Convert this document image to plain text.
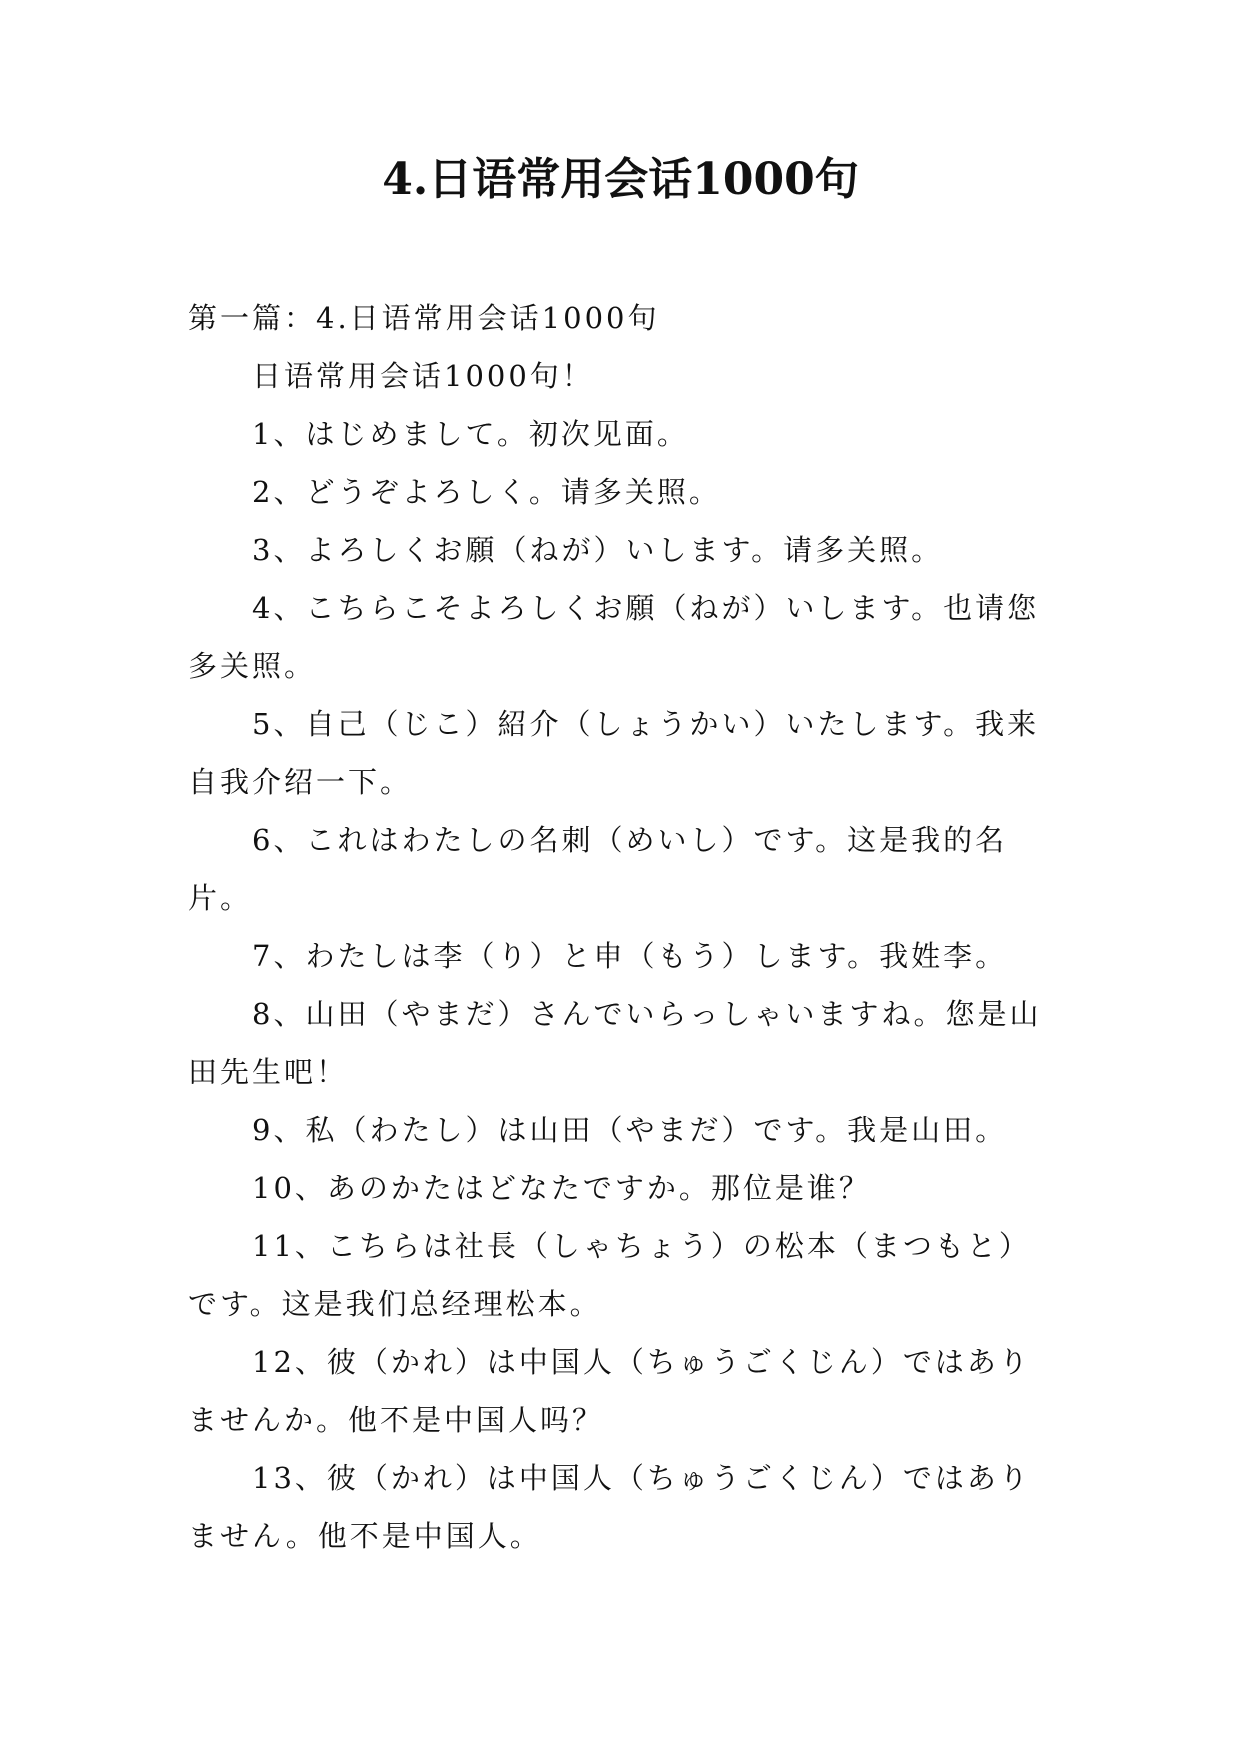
4.日语常用会话1000句

第一篇：4.日语常用会话1000句

日语常用会话1000句！

1、はじめまして。初次见面。

2、どうぞよろしく。请多关照。

3、よろしくお願（ねが）いします。请多关照。

4、こちらこそよろしくお願（ねが）いします。也请您多关照。

5、自己（じこ）紹介（しょうかい）いたします。我来自我介绍一下。

6、これはわたしの名刺（めいし）です。这是我的名片。

7、わたしは李（り）と申（もう）します。我姓李。

8、山田（やまだ）さんでいらっしゃいますね。您是山田先生吧！

9、私（わたし）は山田（やまだ）です。我是山田。

10、あのかたはどなたですか。那位是谁？

11、こちらは社長（しゃちょう）の松本（まつもと）です。这是我们总经理松本。

12、彼（かれ）は中国人（ちゅうごくじん）ではありませんか。他不是中国人吗？

13、彼（かれ）は中国人（ちゅうごくじん）ではありません。他不是中国人。
